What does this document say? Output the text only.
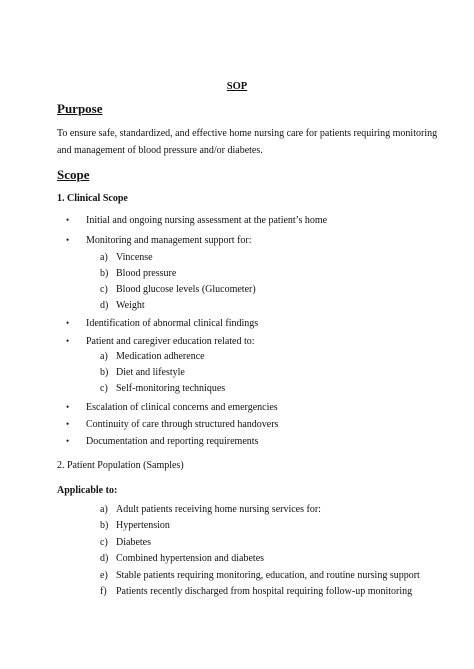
SOP
Purpose
To ensure safe, standardized, and effective home nursing care for patients requiring monitoring
and management of blood pressure and/or diabetes.
Scope
1. Clinical Scope
• Initial and ongoing nursing assessment at the patient’s home
• Monitoring and management support for:
a) Vincense
b) Blood pressure
c) Blood glucose levels (Glucometer)
d) Weight
• Identification of abnormal clinical findings
• Patient and caregiver education related to:
a) Medication adherence
b) Diet and lifestyle
c) Self-monitoring techniques
• Escalation of clinical concerns and emergencies
• Continuity of care through structured handovers
• Documentation and reporting requirements
2. Patient Population (Samples)
Applicable to:
a) Adult patients receiving home nursing services for:
b) Hypertension
c) Diabetes
d) Combined hypertension and diabetes
e) Stable patients requiring monitoring, education, and routine nursing support
f) Patients recently discharged from hospital requiring follow-up monitoring
